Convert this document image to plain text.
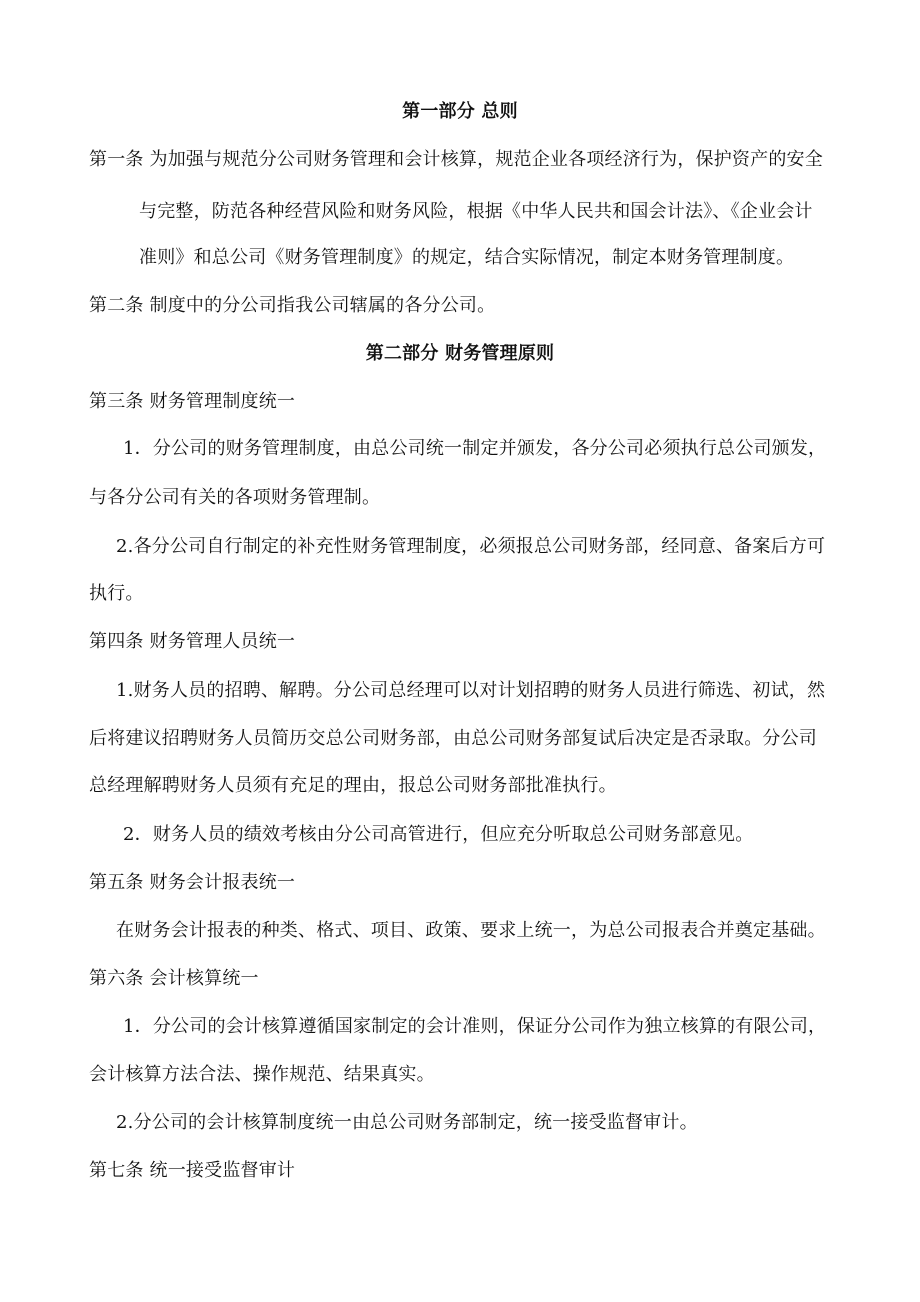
第一部分 总则
第一条 为加强与规范分公司财务管理和会计核算，规范企业各项经济行为，保护资产的安全
与完整，防范各种经营风险和财务风险，根据《中华人民共和国会计法》、《企业会计
准则》和总公司《财务管理制度》的规定，结合实际情况，制定本财务管理制度。
第二条 制度中的分公司指我公司辖属的各分公司。
第二部分 财务管理原则
第三条 财务管理制度统一
1．分公司的财务管理制度，由总公司统一制定并颁发，各分公司必须执行总公司颁发，
与各分公司有关的各项财务管理制。
2.各分公司自行制定的补充性财务管理制度，必须报总公司财务部，经同意、备案后方可
执行。
第四条 财务管理人员统一
1.财务人员的招聘、解聘。分公司总经理可以对计划招聘的财务人员进行筛选、初试，然
后将建议招聘财务人员简历交总公司财务部，由总公司财务部复试后决定是否录取。分公司
总经理解聘财务人员须有充足的理由，报总公司财务部批准执行。
2．财务人员的绩效考核由分公司高管进行，但应充分听取总公司财务部意见。
第五条 财务会计报表统一
在财务会计报表的种类、格式、项目、政策、要求上统一，为总公司报表合并奠定基础。
第六条 会计核算统一
1．分公司的会计核算遵循国家制定的会计准则，保证分公司作为独立核算的有限公司，
会计核算方法合法、操作规范、结果真实。
2.分公司的会计核算制度统一由总公司财务部制定，统一接受监督审计。
第七条 统一接受监督审计
